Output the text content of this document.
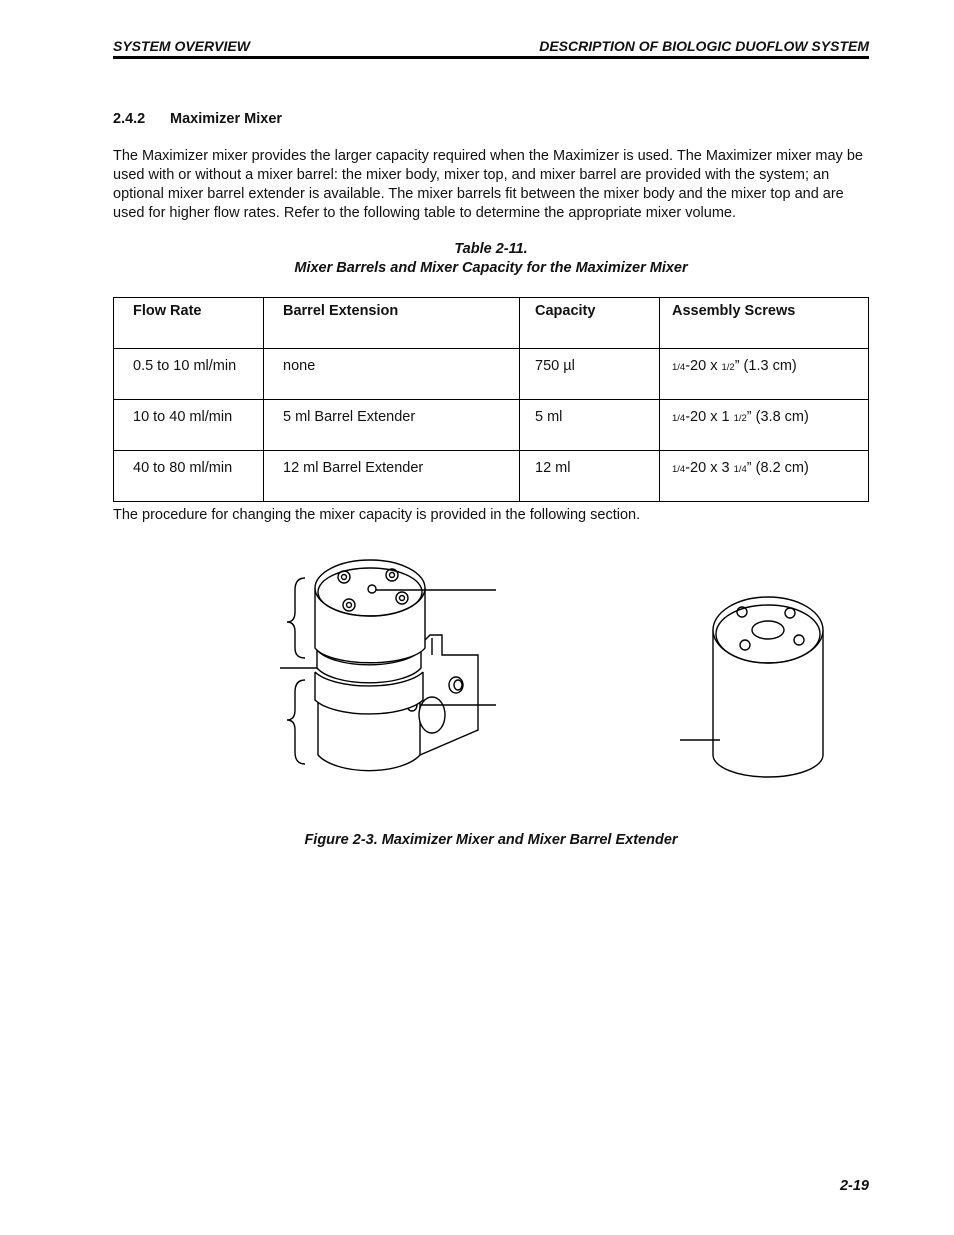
SYSTEM OVERVIEW	DESCRIPTION OF BIOLOGIC DUOFLOW SYSTEM
2.4.2 Maximizer Mixer
The Maximizer mixer provides the larger capacity required when the Maximizer is used. The Maximizer mixer may be used with or without a mixer barrel: the mixer body, mixer top, and mixer barrel are provided with the system; an optional mixer barrel extender is available. The mixer barrels fit between the mixer body and the mixer top and are used for higher flow rates. Refer to the following table to determine the appropriate mixer volume.
Table 2-11.
Mixer Barrels and Mixer Capacity for the Maximizer Mixer
Flow Rate	Barrel Extension	Capacity	Assembly Screws
0.5 to 10 ml/min	none	750 µl	1/4-20 x 1/2” (1.3 cm)
10 to 40 ml/min	5 ml Barrel Extender	5 ml	1/4-20 x 1 1/2” (3.8 cm)
40 to 80 ml/min	12 ml Barrel Extender	12 ml	1/4-20 x 3 1/4” (8.2 cm)
The procedure for changing the mixer capacity is provided in the following section.
Figure 2-3. Maximizer Mixer and Mixer Barrel Extender
2-19
